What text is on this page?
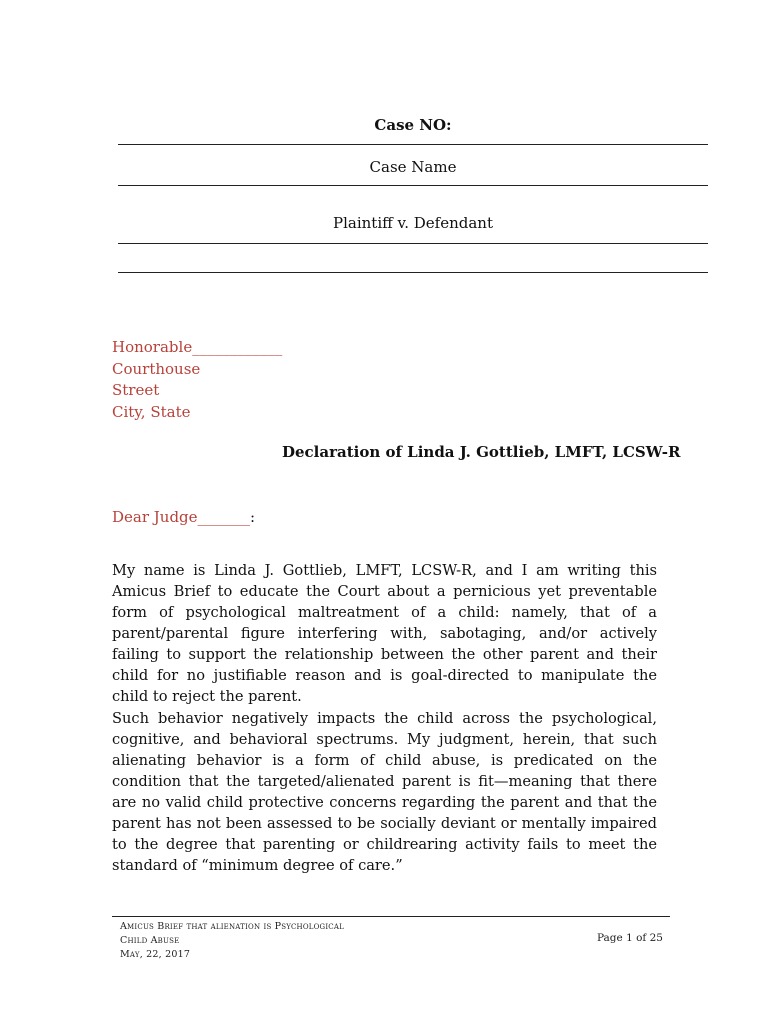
Case NO:
Case Name
Plaintiff v. Defendant
Honorable____________
Courthouse
Street
City, State
Declaration of Linda J. Gottlieb, LMFT, LCSW-R
Dear Judge_______:
My name is Linda J. Gottlieb, LMFT, LCSW-R, and I am writing this Amicus Brief to educate the Court about a pernicious yet preventable form of psychological maltreatment of a child: namely, that of a parent/parental figure interfering with, sabotaging, and/or actively failing to support the relationship between the other parent and their child for no justifiable reason and is goal-directed to manipulate the child to reject the parent.
Such behavior negatively impacts the child across the psychological, cognitive, and behavioral spectrums. My judgment, herein, that such alienating behavior is a form of child abuse, is predicated on the condition that the targeted/alienated parent is fit—meaning that there are no valid child protective concerns regarding the parent and that the parent has not been assessed to be socially deviant or mentally impaired to the degree that parenting or childrearing activity fails to meet the standard of “minimum degree of care.”
Amicus Brief that alienation is Psychological
Child Abuse
May, 22, 2017
Page 1 of 25
